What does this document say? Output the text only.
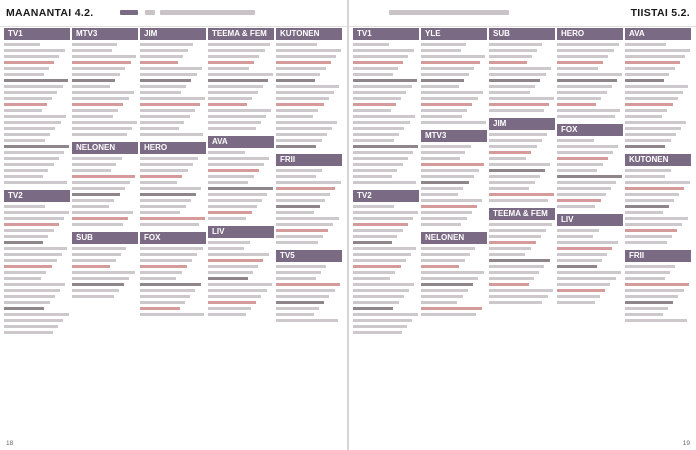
MAANANTAI 4.2.
18
TV1
TV2
MTV3
NELONEN
SUB
JIM
HERO
FOX
TEEMA & FEM
AVA
LIV
KUTONEN
FRII
TV5
TIISTAI 5.2.
19
TV1
TV2
YLE
MTV3
NELONEN
SUB
JIM
TEEMA & FEM
HERO
FOX
LIV
AVA
KUTONEN
FRII
